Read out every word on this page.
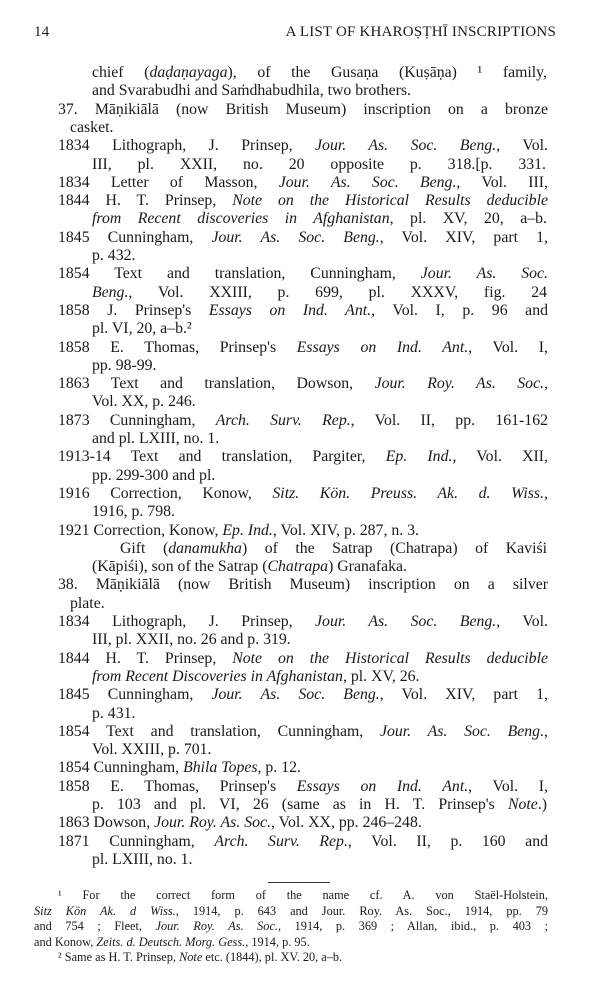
14	A LIST OF KHAROṢṬHĪ INSCRIPTIONS
chief (daḍaṇayaga), of the Gusaṇa (Kuṣāṇa) ¹ family,
and Svarabudhi and Saṁdhabudhila, two brothers.
37. Māṇikiālā (now British Museum) inscription on a bronze
casket.
1834 Lithograph, J. Prinsep, Jour. As. Soc. Beng., Vol.
III, pl. XXII, no. 20 opposite p. 318.[p. 331.
1834 Letter of Masson, Jour. As. Soc. Beng., Vol. III,
1844 H. T. Prinsep, Note on the Historical Results deducible
from Recent discoveries in Afghanistan, pl. XV, 20, a–b.
1845 Cunningham, Jour. As. Soc. Beng., Vol. XIV, part 1,
p. 432.
1854 Text and translation, Cunningham, Jour. As. Soc.
Beng., Vol. XXIII, p. 699, pl. XXXV, fig. 24
1858 J. Prinsep's Essays on Ind. Ant., Vol. I, p. 96 and
pl. VI, 20, a–b.²
1858 E. Thomas, Prinsep's Essays on Ind. Ant., Vol. I,
pp. 98-99.
1863 Text and translation, Dowson, Jour. Roy. As. Soc.,
Vol. XX, p. 246.
1873 Cunningham, Arch. Surv. Rep., Vol. II, pp. 161-162
and pl. LXIII, no. 1.
1913-14 Text and translation, Pargiter, Ep. Ind., Vol. XII,
pp. 299-300 and pl.
1916 Correction, Konow, Sitz. Kön. Preuss. Ak. d. Wiss.,
1916, p. 798.
1921 Correction, Konow, Ep. Ind., Vol. XIV, p. 287, n. 3.
Gift (danamukha) of the Satrap (Chatrapa) of Kaviśi
(Kāpiśi), son of the Satrap (Chatrapa) Granafaka.
38. Māṇikiālā (now British Museum) inscription on a silver
plate.
1834 Lithograph, J. Prinsep, Jour. As. Soc. Beng., Vol.
III, pl. XXII, no. 26 and p. 319.
1844 H. T. Prinsep, Note on the Historical Results deducible
from Recent Discoveries in Afghanistan, pl. XV, 26.
1845 Cunningham, Jour. As. Soc. Beng., Vol. XIV, part 1,
p. 431.
1854 Text and translation, Cunningham, Jour. As. Soc. Beng.,
Vol. XXIII, p. 701.
1854 Cunningham, Bhila Topes, p. 12.
1858 E. Thomas, Prinsep's Essays on Ind. Ant., Vol. I,
p. 103 and pl. VI, 26 (same as in H. T. Prinsep's Note.)
1863 Dowson, Jour. Roy. As. Soc., Vol. XX, pp. 246–248.
1871 Cunningham, Arch. Surv. Rep., Vol. II, p. 160 and
pl. LXIII, no. 1.
¹ For the correct form of the name cf. A. von Staël-Holstein,
Sitz Kön Ak. d Wiss., 1914, p. 643 and Jour. Roy. As. Soc., 1914, pp. 79
and 754 ; Fleet, Jour. Roy. As. Soc., 1914, p. 369 ; Allan, ibid., p. 403 ;
and Konow, Zeits. d. Deutsch. Morg. Gess., 1914, p. 95.
² Same as H. T. Prinsep, Note etc. (1844), pl. XV. 20, a–b.
